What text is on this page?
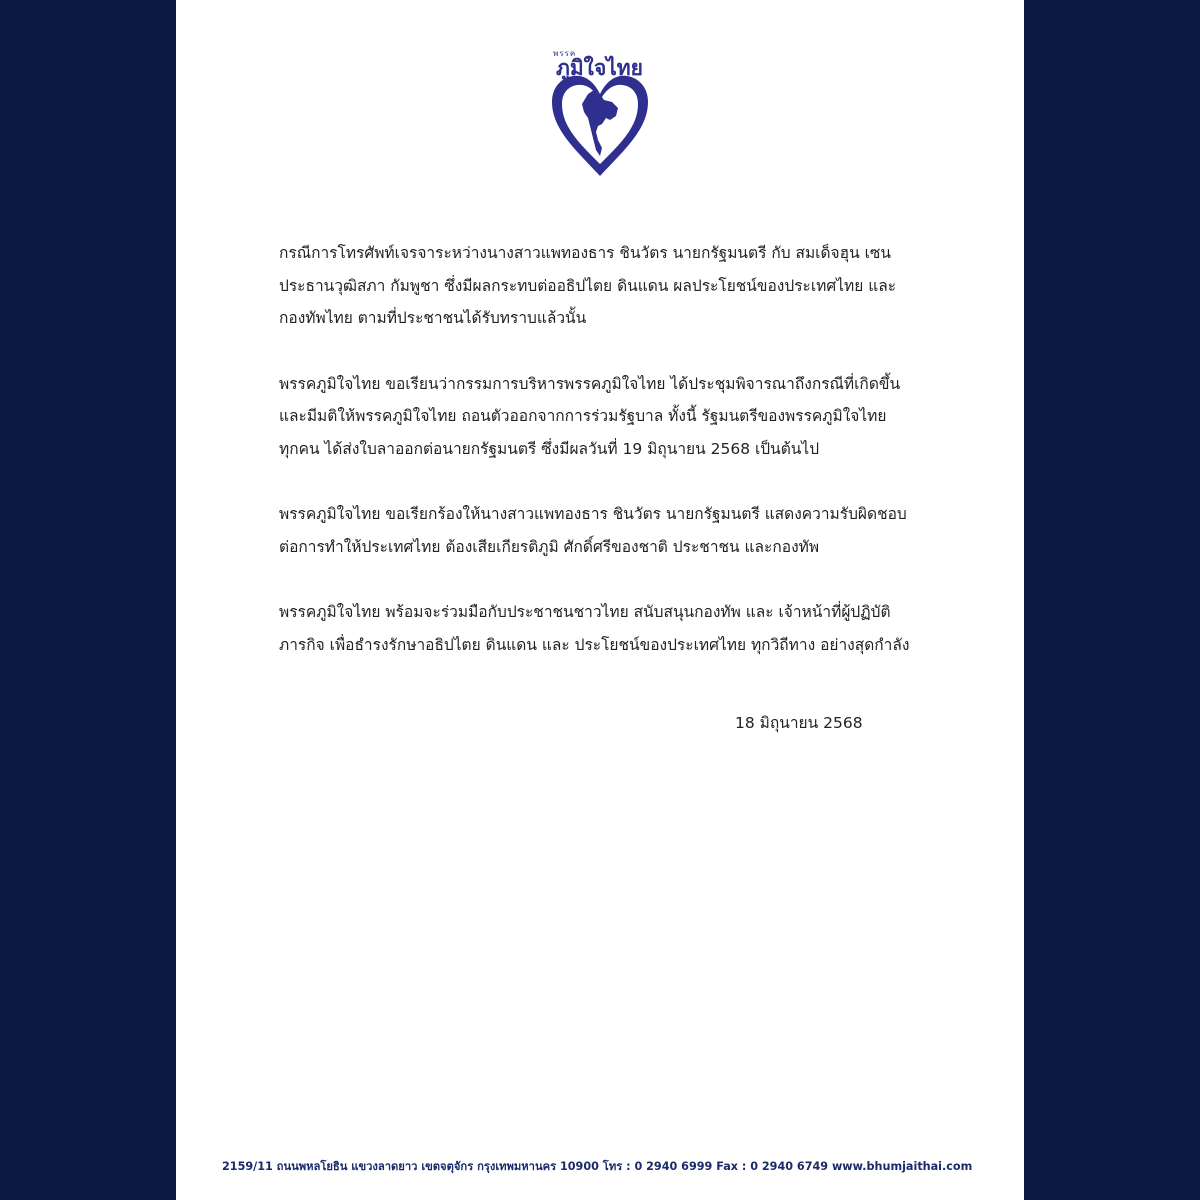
พรรค
ภูมิใจไทย

กรณีการโทรศัพท์เจรจาระหว่างนางสาวแพทองธาร ชินวัตร นายกรัฐมนตรี กับ สมเด็จฮุน เซน
ประธานวุฒิสภา กัมพูชา ซึ่งมีผลกระทบต่ออธิปไตย ดินแดน ผลประโยชน์ของประเทศไทย และ
กองทัพไทย ตามที่ประชาชนได้รับทราบแล้วนั้น

พรรคภูมิใจไทย ขอเรียนว่ากรรมการบริหารพรรคภูมิใจไทย ได้ประชุมพิจารณาถึงกรณีที่เกิดขึ้น
และมีมติให้พรรคภูมิใจไทย ถอนตัวออกจากการร่วมรัฐบาล ทั้งนี้ รัฐมนตรีของพรรคภูมิใจไทย
ทุกคน ได้ส่งใบลาออกต่อนายกรัฐมนตรี ซึ่งมีผลวันที่ 19 มิถุนายน 2568 เป็นต้นไป

พรรคภูมิใจไทย ขอเรียกร้องให้นางสาวแพทองธาร ชินวัตร นายกรัฐมนตรี แสดงความรับผิดชอบ
ต่อการทำให้ประเทศไทย ต้องเสียเกียรติภูมิ ศักดิ์ศรีของชาติ ประชาชน และกองทัพ

พรรคภูมิใจไทย พร้อมจะร่วมมือกับประชาชนชาวไทย สนับสนุนกองทัพ และ เจ้าหน้าที่ผู้ปฏิบัติ
ภารกิจ เพื่อธำรงรักษาอธิปไตย ดินแดน และ ประโยชน์ของประเทศไทย ทุกวิถีทาง อย่างสุดกำลัง

18 มิถุนายน 2568
2159/11 ถนนพหลโยธิน แขวงลาดยาว เขตจตุจักร กรุงเทพมหานคร 10900 โทร : 0 2940 6999 Fax : 0 2940 6749 www.bhumjaithai.com
